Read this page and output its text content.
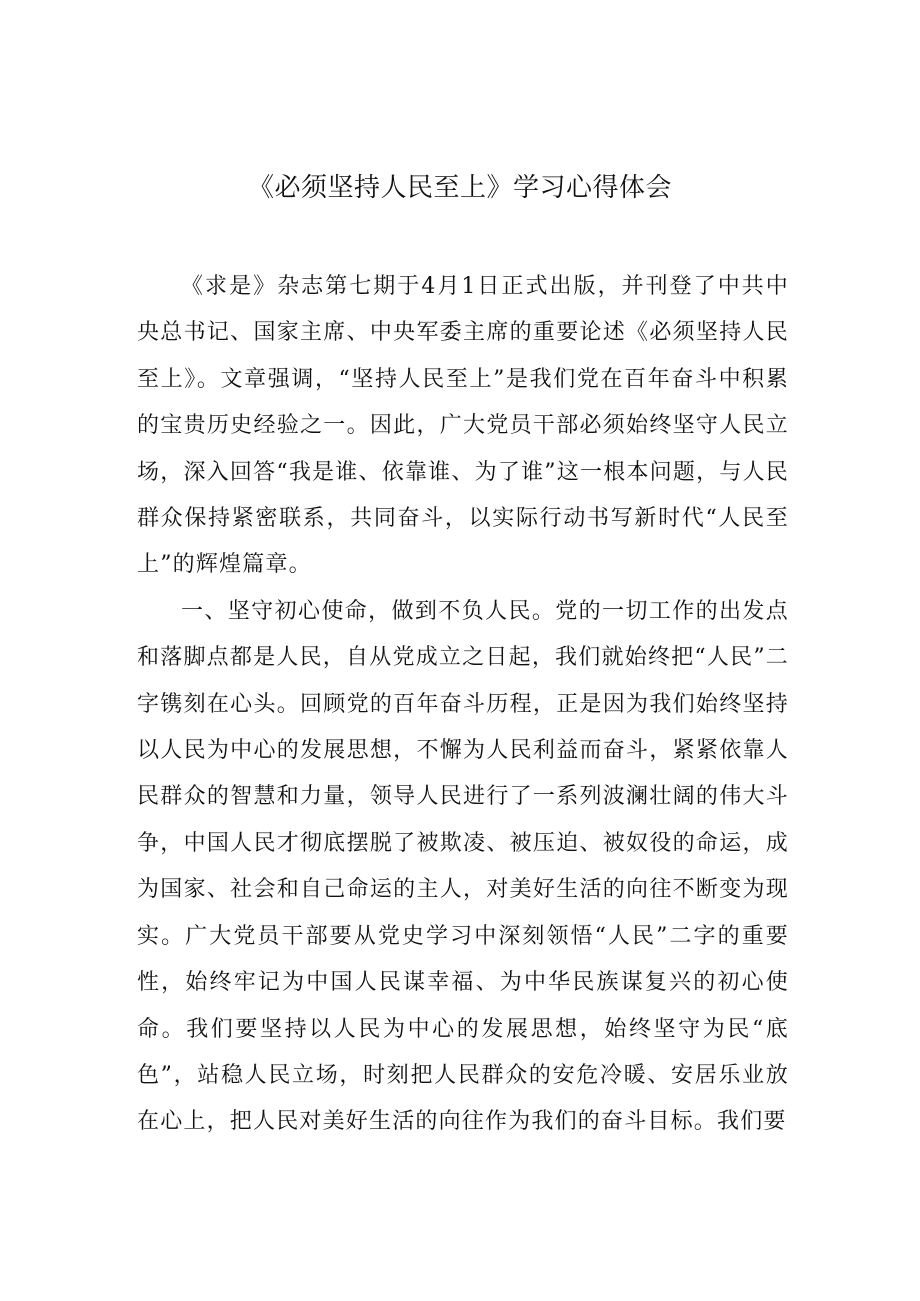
《必须坚持人民至上》学习心得体会

《求是》杂志第七期于4月1日正式出版，并刊登了中共中央总书记、国家主席、中央军委主席的重要论述《必须坚持人民至上》。文章强调，“坚持人民至上”是我们党在百年奋斗中积累的宝贵历史经验之一。因此，广大党员干部必须始终坚守人民立场，深入回答“我是谁、依靠谁、为了谁”这一根本问题，与人民群众保持紧密联系，共同奋斗，以实际行动书写新时代“人民至上”的辉煌篇章。

一、坚守初心使命，做到不负人民。党的一切工作的出发点和落脚点都是人民，自从党成立之日起，我们就始终把“人民”二字镌刻在心头。回顾党的百年奋斗历程，正是因为我们始终坚持以人民为中心的发展思想，不懈为人民利益而奋斗，紧紧依靠人民群众的智慧和力量，领导人民进行了一系列波澜壮阔的伟大斗争，中国人民才彻底摆脱了被欺凌、被压迫、被奴役的命运，成为国家、社会和自己命运的主人，对美好生活的向往不断变为现实。广大党员干部要从党史学习中深刻领悟“人民”二字的重要性，始终牢记为中国人民谋幸福、为中华民族谋复兴的初心使命。我们要坚持以人民为中心的发展思想，始终坚守为民“底色”，站稳人民立场，时刻把人民群众的安危冷暖、安居乐业放在心上，把人民对美好生活的向往作为我们的奋斗目标。我们要
